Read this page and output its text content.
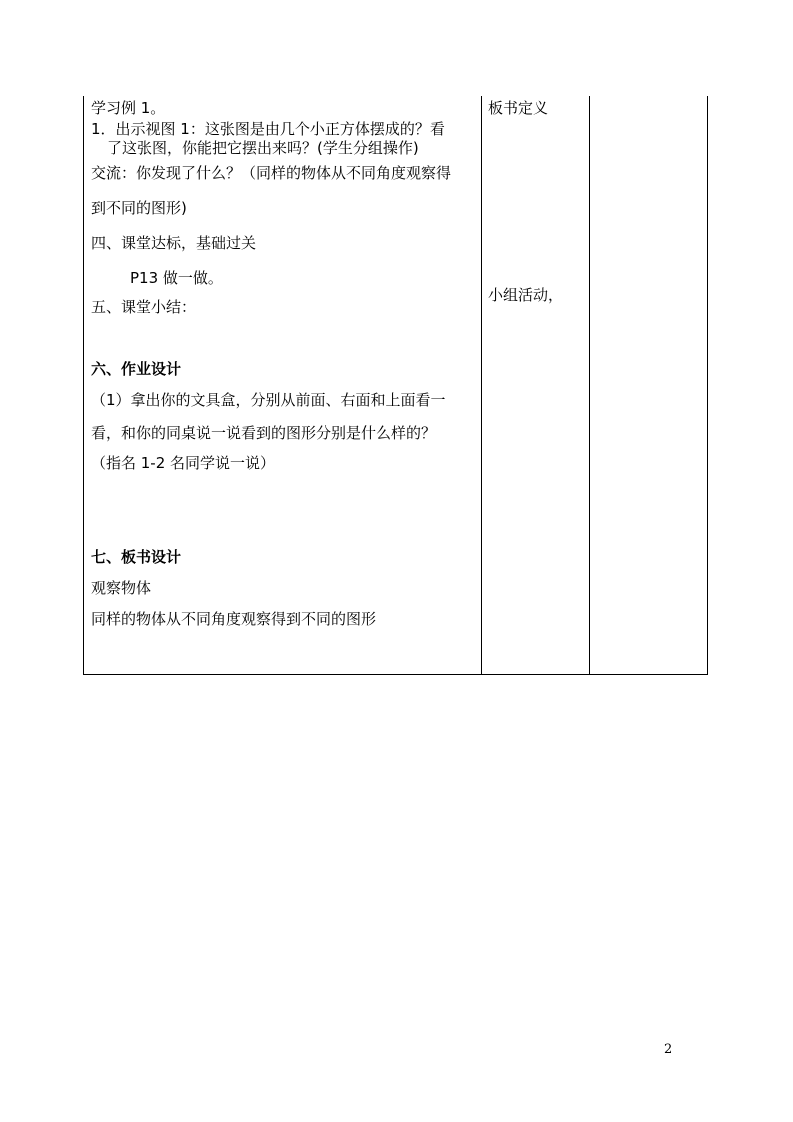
学习例 1。
1．出示视图 1：这张图是由几个小正方体摆成的？看
了这张图，你能把它摆出来吗？(学生分组操作)
交流：你发现了什么？（同样的物体从不同角度观察得
到不同的图形)
四、课堂达标，基础过关
P13 做一做。
五、课堂小结：
六、作业设计
（1）拿出你的文具盒，分别从前面、右面和上面看一
看，和你的同桌说一说看到的图形分别是什么样的？
（指名 1-2 名同学说一说）
七、板书设计
观察物体
同样的物体从不同角度观察得到不同的图形
板书定义
小组活动，
2
